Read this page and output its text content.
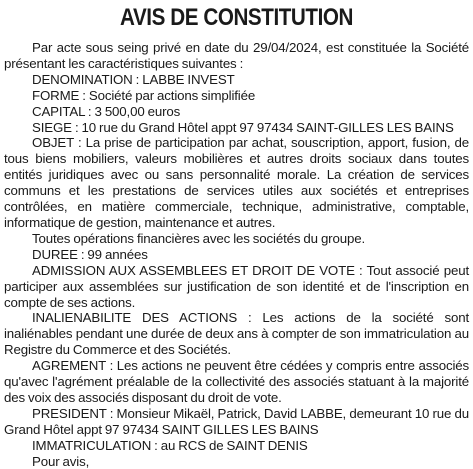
AVIS DE CONSTITUTION

Par acte sous seing privé en date du 29/04/2024, est constituée la Société présentant les caractéristiques suivantes :

DENOMINATION : LABBE INVEST

FORME : Société par actions simplifiée

CAPITAL : 3 500,00 euros

SIEGE : 10 rue du Grand Hôtel appt 97 97434 SAINT-GILLES LES BAINS

OBJET : La prise de participation par achat, souscription, apport, fusion, de tous biens mobiliers, valeurs mobilières et autres droits sociaux dans toutes entités juridiques avec ou sans personnalité morale. La création de services communs et les prestations de services utiles aux sociétés et entreprises contrôlées, en matière commerciale, technique, administrative, comptable, informatique de gestion, maintenance et autres.

Toutes opérations financières avec les sociétés du groupe.

DUREE : 99 années

ADMISSION AUX ASSEMBLEES ET DROIT DE VOTE : Tout associé peut participer aux assemblées sur justification de son identité et de l'inscription en compte de ses actions.

INALIENABILITE DES ACTIONS : Les actions de la société sont inaliénables pendant une durée de deux ans à compter de son immatriculation au Registre du Commerce et des Sociétés.

AGREMENT : Les actions ne peuvent être cédées y compris entre associés qu'avec l'agrément préalable de la collectivité des associés statuant à la majorité des voix des associés disposant du droit de vote.

PRESIDENT : Monsieur Mikaël, Patrick, David LABBE, demeurant 10 rue du Grand Hôtel appt 97 97434 SAINT GILLES LES BAINS

IMMATRICULATION : au RCS de SAINT DENIS

Pour avis,
